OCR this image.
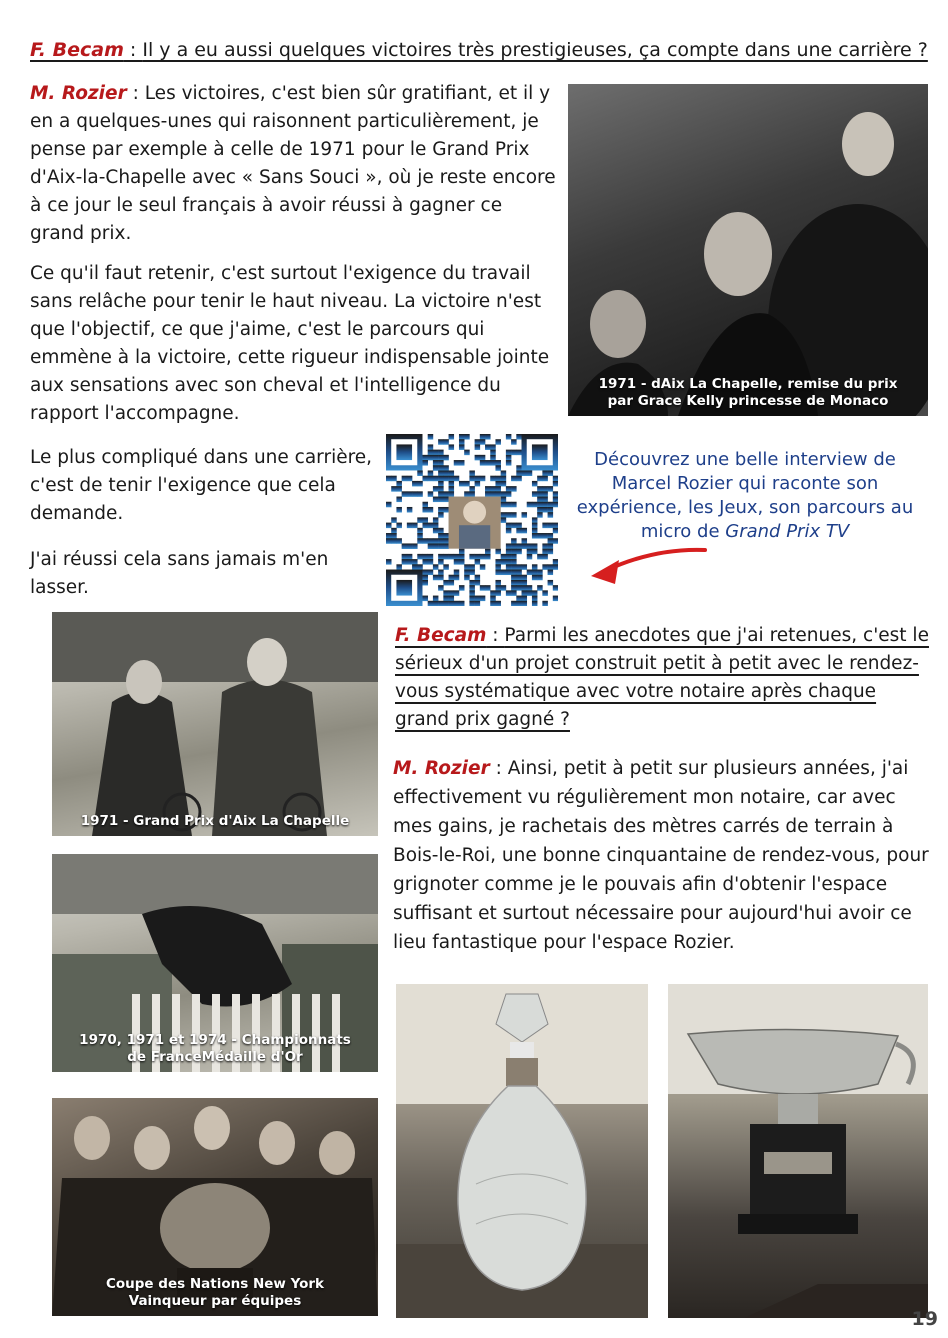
F. Becam : Il y a eu aussi quelques victoires très prestigieuses, ça compte dans une carrière ?

M. Rozier : Les victoires, c'est bien sûr gratifiant, et il y en a quelques-unes qui raisonnent particulièrement, je pense par exemple à celle de 1971 pour le Grand Prix d'Aix-la-Chapelle avec « Sans Souci », où je reste encore à ce jour le seul français à avoir réussi à gagner ce grand prix.

Ce qu'il faut retenir, c'est surtout l'exigence du travail sans relâche pour tenir le haut niveau. La victoire n'est que l'objectif, ce que j'aime, c'est le parcours qui emmène à la victoire, cette rigueur indispensable jointe aux sensations avec son cheval et l'intelligence du rapport l'accompagne.

Le plus compliqué dans une carrière, c'est de tenir l'exigence que cela demande.

J'ai réussi cela sans jamais m'en lasser.

1971 - dAix La Chapelle, remise du prix
par Grace Kelly princesse de Monaco
Découvrez une belle interview de Marcel Rozier qui raconte son expérience, les Jeux, son parcours au micro de Grand Prix TV
1971 - Grand Prix d'Aix La Chapelle
1970, 1971 et 1974 - Championnats
de FranceMédaille d'Or
Coupe des Nations New York
Vainqueur par équipes

F. Becam : Parmi les anecdotes que j'ai retenues, c'est le sérieux d'un projet construit petit à petit avec le rendez-vous systématique avec votre notaire après chaque grand prix gagné ?

M. Rozier : Ainsi, petit à petit sur plusieurs années, j'ai effectivement vu régulièrement mon notaire, car avec mes gains, je rachetais des mètres carrés de terrain à Bois-le-Roi, une bonne cinquantaine de rendez-vous, pour grignoter comme je le pouvais afin d'obtenir l'espace suffisant et surtout nécessaire pour aujourd'hui avoir ce lieu fantastique pour l'espace Rozier.

19
